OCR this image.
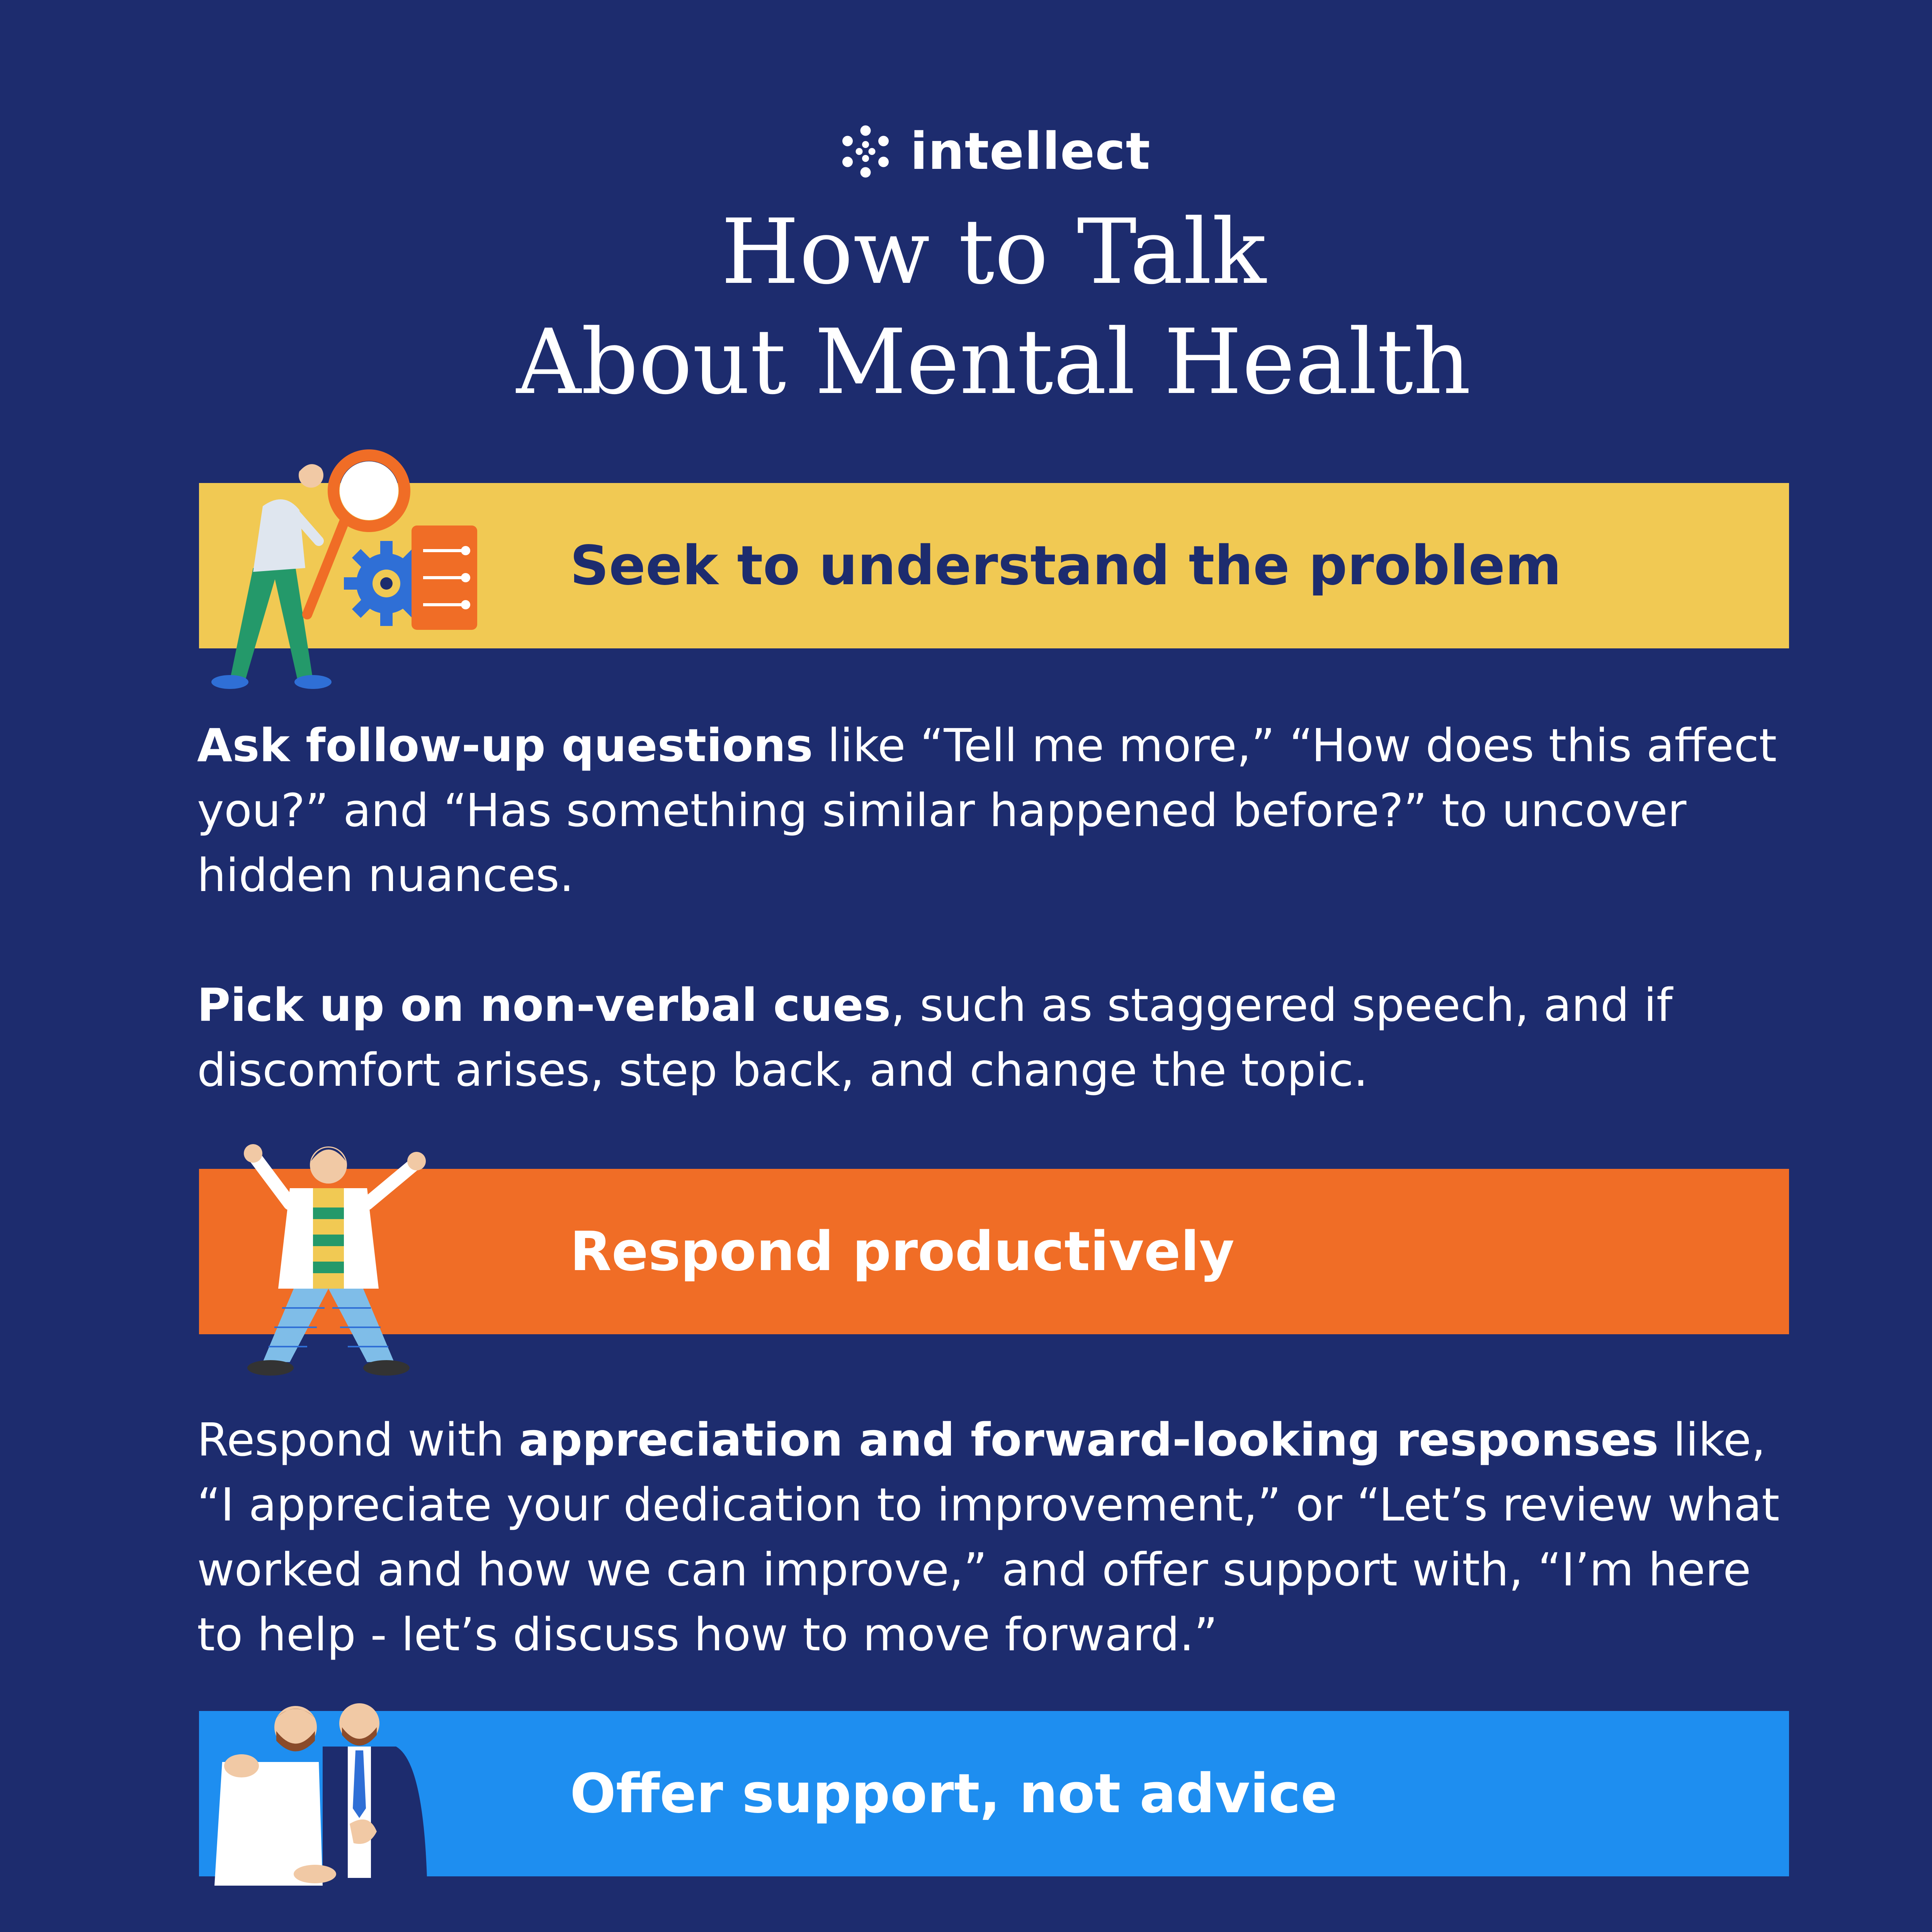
intellect
How to Talk
About Mental Health
Seek to understand the problem

Ask follow-up questions like “Tell me more,” “How does this affect you?” and “Has something similar happened before?” to uncover hidden nuances.

Pick up on non-verbal cues, such as staggered speech, and if discomfort arises, step back, and change the topic.

Respond productively

Respond with appreciation and forward-looking responses like, “I appreciate your dedication to improvement,” or “Let’s review what worked and how we can improve,” and offer support with, “I’m here to help - let’s discuss how to move forward.”

Offer support, not advice
